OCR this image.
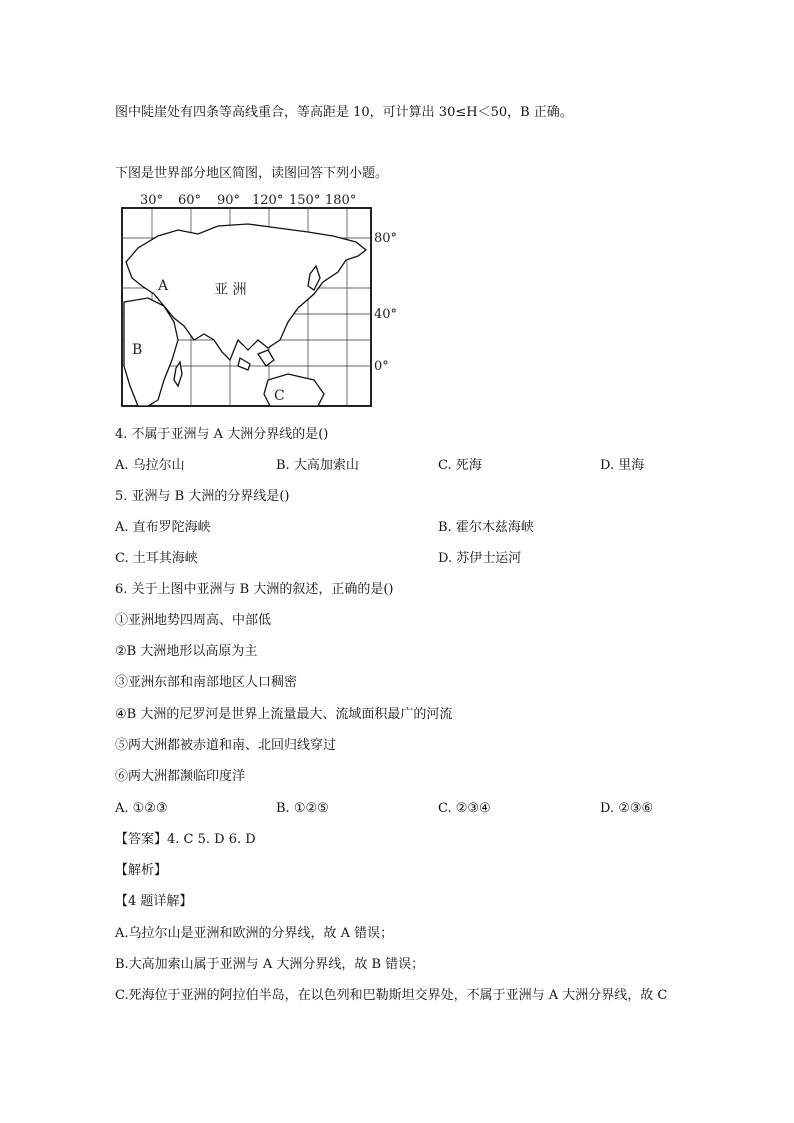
图中陡崖处有四条等高线重合，等高距是 10，可计算出 30≤H＜50，B 正确。
下图是世界部分地区简图，读图回答下列小题。
30° 60° 90° 120° 150° 180°
80°
40°
0°
亚 洲
A
B
C
4. 不属于亚洲与 A 大洲分界线的是()
A. 乌拉尔山	B. 大高加索山	C. 死海	D. 里海
5. 亚洲与 B 大洲的分界线是()
A. 直布罗陀海峡	B. 霍尔木兹海峡
C. 土耳其海峡	D. 苏伊士运河
6. 关于上图中亚洲与 B 大洲的叙述，正确的是()
①亚洲地势四周高、中部低
②B 大洲地形以高原为主
③亚洲东部和南部地区人口稠密
④B 大洲的尼罗河是世界上流量最大、流域面积最广的河流
⑤两大洲都被赤道和南、北回归线穿过
⑥两大洲都濒临印度洋
A. ①②③	B. ①②⑤	C. ②③④	D. ②③⑥
【答案】4. C 5. D 6. D
【解析】
【4 题详解】
A.乌拉尔山是亚洲和欧洲的分界线，故 A 错误；
B.大高加索山属于亚洲与 A 大洲分界线，故 B 错误；
C.死海位于亚洲的阿拉伯半岛，在以色列和巴勒斯坦交界处，不属于亚洲与 A 大洲分界线，故 C
